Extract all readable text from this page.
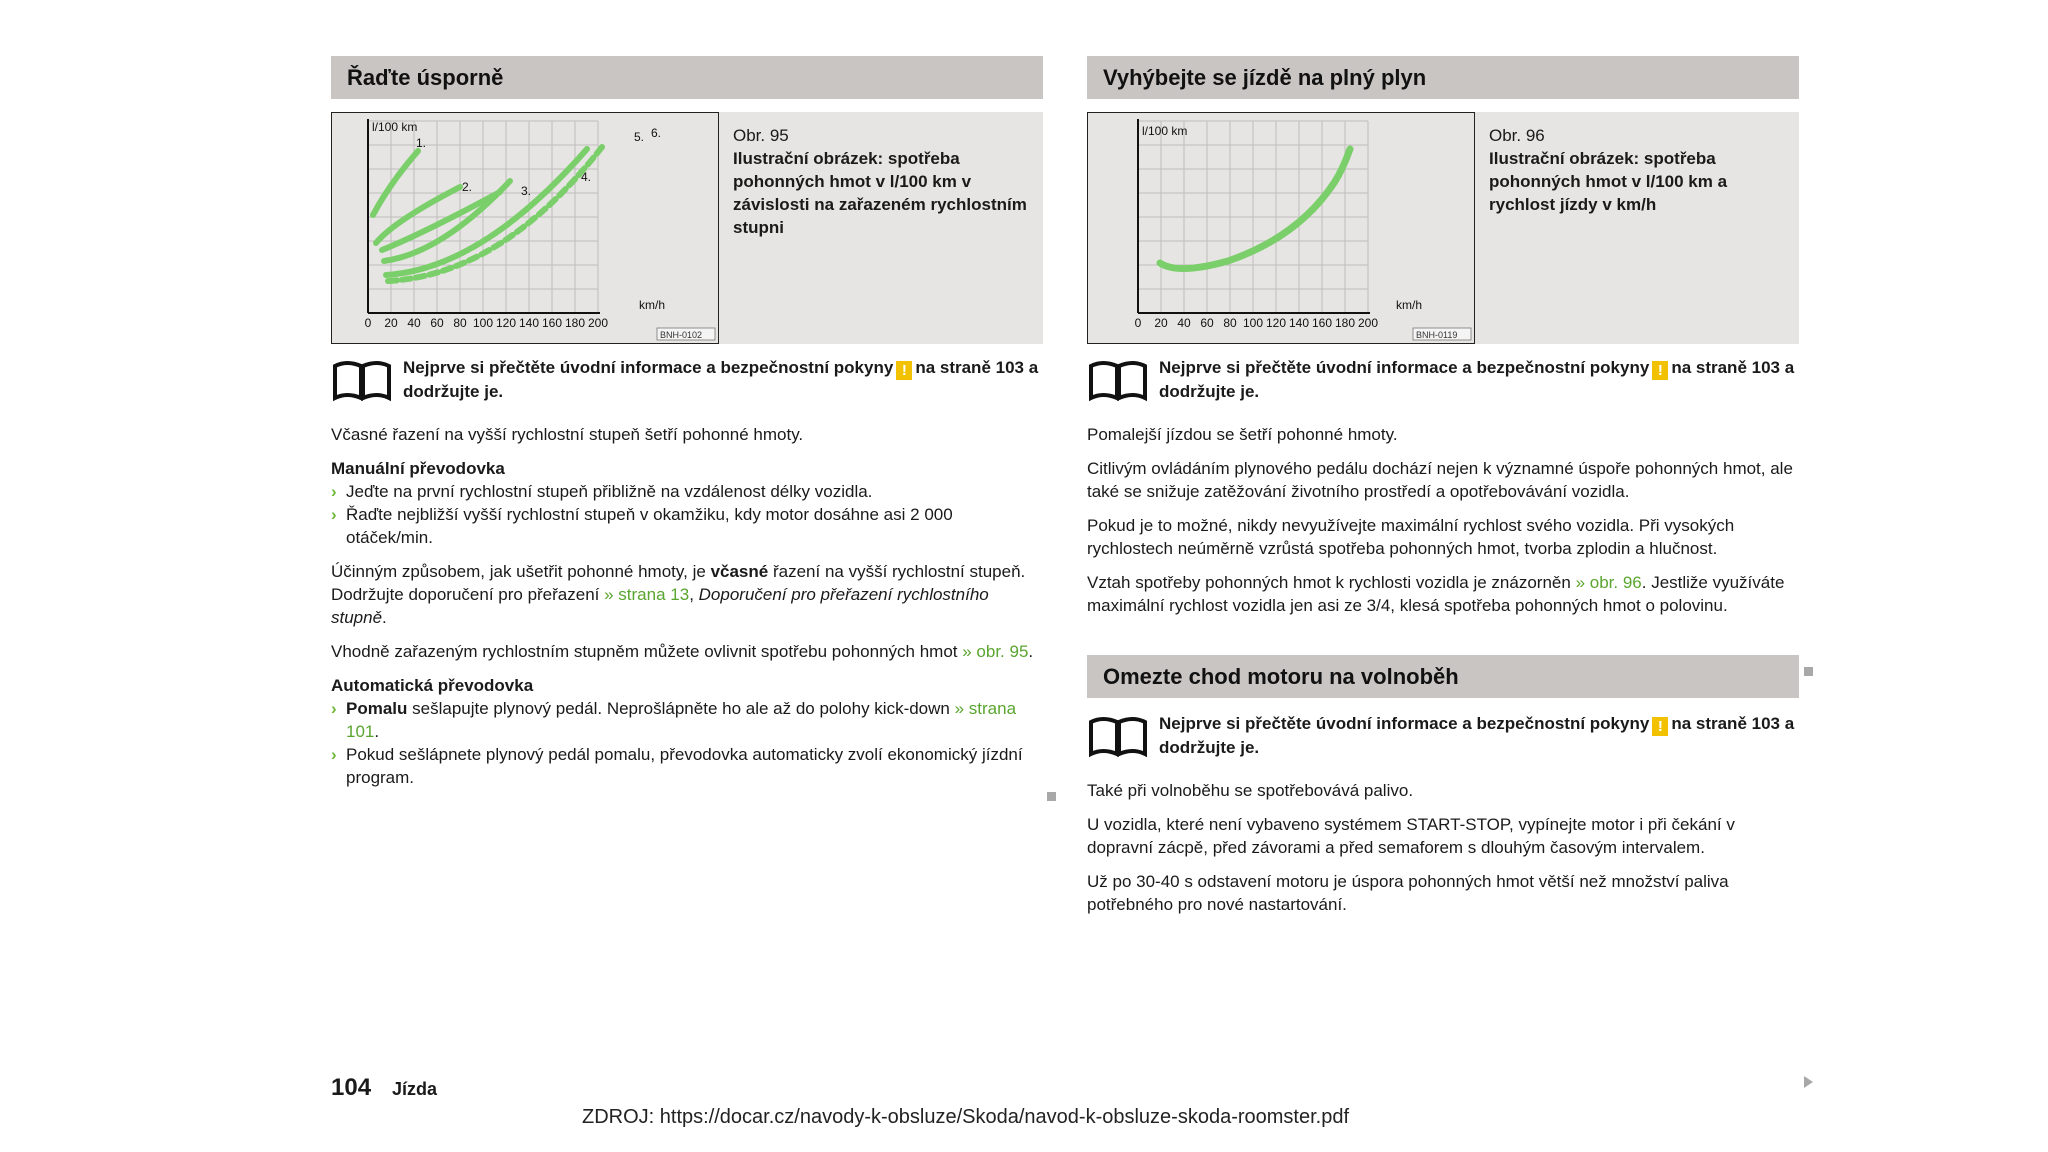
Řaďte úsporně
l/100 km
1.
2.	3.
4.
5. 6.
km/h
0 20 40 60 80 100 120 140 160 180 200
BNH-0102
Obr. 95
Ilustrační obrázek: spotřeba pohonných hmot v l/100 km v závislosti na zařazeném rychlostním stupni
Nejprve si přečtěte úvodní informace a bezpečnostní pokyny ! na straně 103 a dodržujte je.

Včasné řazení na vyšší rychlostní stupeň šetří pohonné hmoty.

Manuální převodovka

› Jeďte na první rychlostní stupeň přibližně na vzdálenost délky vozidla.
› Řaďte nejbližší vyšší rychlostní stupeň v okamžiku, kdy motor dosáhne asi 2 000 otáček/min.

Účinným způsobem, jak ušetřit pohonné hmoty, je včasné řazení na vyšší rychlostní stupeň. Dodržujte doporučení pro přeřazení » strana 13, Doporučení pro přeřazení rychlostního stupně.

Vhodně zařazeným rychlostním stupněm můžete ovlivnit spotřebu pohonných hmot » obr. 95.

Automatická převodovka

› Pomalu sešlapujte plynový pedál. Neprošlápněte ho ale až do polohy kick-down » strana 101.
› Pokud sešlápnete plynový pedál pomalu, převodovka automaticky zvolí ekonomický jízdní program.
Vyhýbejte se jízdě na plný plyn
l/100 km
km/h
0 20 40 60 80 100 120 140 160 180 200
BNH-0119
Obr. 96
Ilustrační obrázek: spotřeba pohonných hmot v l/100 km a rychlost jízdy v km/h
Nejprve si přečtěte úvodní informace a bezpečnostní pokyny ! na straně 103 a dodržujte je.

Pomalejší jízdou se šetří pohonné hmoty.

Citlivým ovládáním plynového pedálu dochází nejen k významné úspoře pohonných hmot, ale také se snižuje zatěžování životního prostředí a opotřebovávání vozidla.

Pokud je to možné, nikdy nevyužívejte maximální rychlost svého vozidla. Při vysokých rychlostech neúměrně vzrůstá spotřeba pohonných hmot, tvorba zplodin a hlučnost.

Vztah spotřeby pohonných hmot k rychlosti vozidla je znázorněn » obr. 96. Jestliže využíváte maximální rychlost vozidla jen asi ze 3/4, klesá spotřeba pohonných hmot o polovinu.

Omezte chod motoru na volnoběh
Nejprve si přečtěte úvodní informace a bezpečnostní pokyny ! na straně 103 a dodržujte je.

Také při volnoběhu se spotřebovává palivo.

U vozidla, které není vybaveno systémem START-STOP, vypínejte motor i při čekání v dopravní zácpě, před závorami a před semaforem s dlouhým časovým intervalem.

Už po 30-40 s odstavení motoru je úspora pohonných hmot větší než množství paliva potřebného pro nové nastartování.

104 Jízda
ZDROJ: https://docar.cz/navody-k-obsluze/Skoda/navod-k-obsluze-skoda-roomster.pdf
